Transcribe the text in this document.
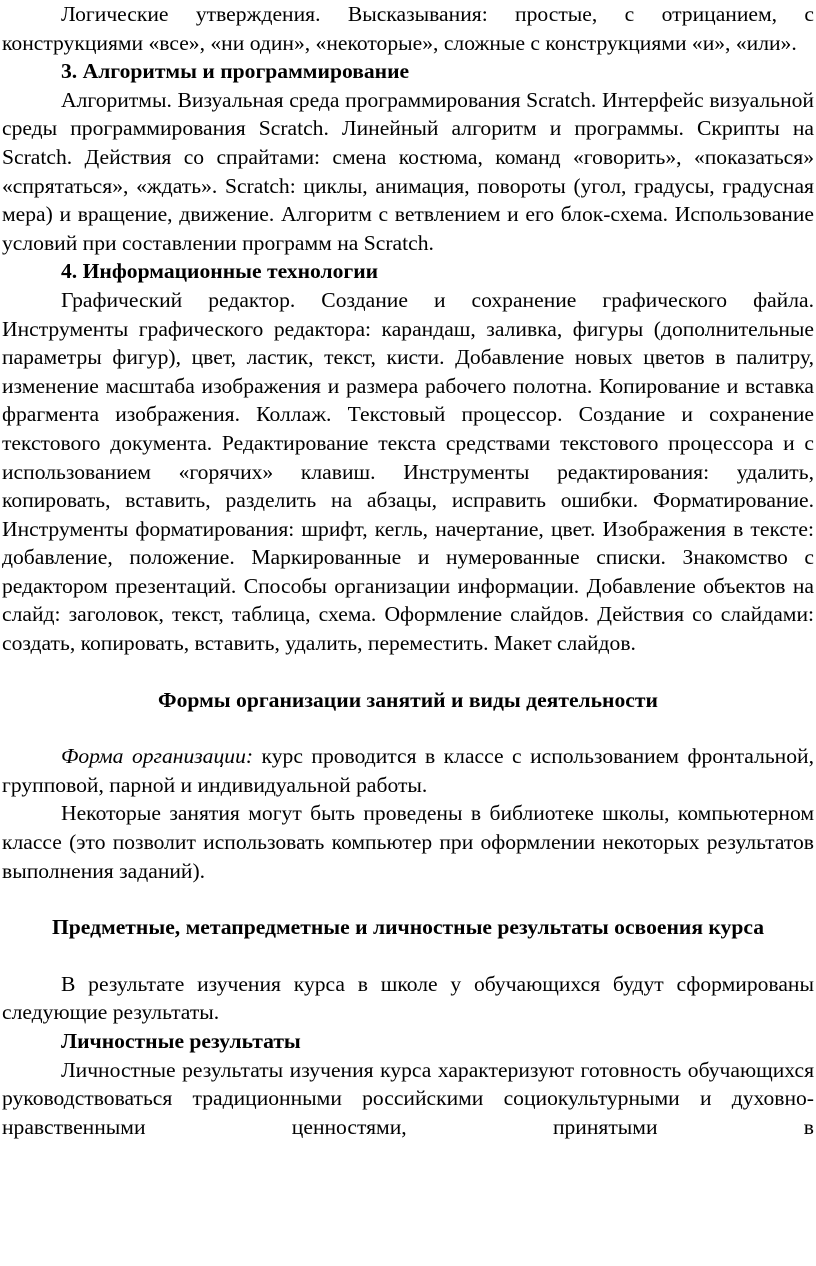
Логические утверждения. Высказывания: простые, с отрицанием, с конструкциями «все», «ни один», «некоторые», сложные с конструкциями «и», «или».

3. Алгоритмы и программирование

Алгоритмы. Визуальная среда программирования Scratch. Интерфейс визуальной среды программирования Scratch. Линейный алгоритм и программы. Скрипты на Scratch. Действия со спрайтами: смена костюма, команд «говорить», «показаться» «спрятаться», «ждать». Scratch: циклы, анимация, повороты (угол, градусы, градусная мера) и вращение, движение. Алгоритм с ветвлением и его блок-схема. Использование условий при составлении программ на Scratch.

4. Информационные технологии

Графический редактор. Создание и сохранение графического файла. Инструменты графического редактора: карандаш, заливка, фигуры (дополнительные параметры фигур), цвет, ластик, текст, кисти. Добавление новых цветов в палитру, изменение масштаба изображения и размера рабочего полотна. Копирование и вставка фрагмента изображения. Коллаж. Текстовый процессор. Создание и сохранение текстового документа. Редактирование текста средствами текстового процессора и с использованием «горячих» клавиш. Инструменты редактирования: удалить, копировать, вставить, разделить на абзацы, исправить ошибки. Форматирование. Инструменты форматирования: шрифт, кегль, начертание, цвет. Изображения в тексте: добавление, положение. Маркированные и нумерованные списки. Знакомство с редактором презентаций. Способы организации информации. Добавление объектов на слайд: заголовок, текст, таблица, схема. Оформление слайдов. Действия со слайдами: создать, копировать, вставить, удалить, переместить. Макет слайдов.

Формы организации занятий и виды деятельности

Форма организации: курс проводится в классе с использованием фронтальной, групповой, парной и индивидуальной работы.

Некоторые занятия могут быть проведены в библиотеке школы, компьютерном классе (это позволит использовать компьютер при оформлении некоторых результатов выполнения заданий).

Предметные, метапредметные и личностные результаты освоения курса

В результате изучения курса в школе у обучающихся будут сформированы следующие результаты.

Личностные результаты

Личностные результаты изучения курса характеризуют готовность обучающихся руководствоваться традиционными российскими социокультурными и духовно-нравственными ценностями, принятыми в
